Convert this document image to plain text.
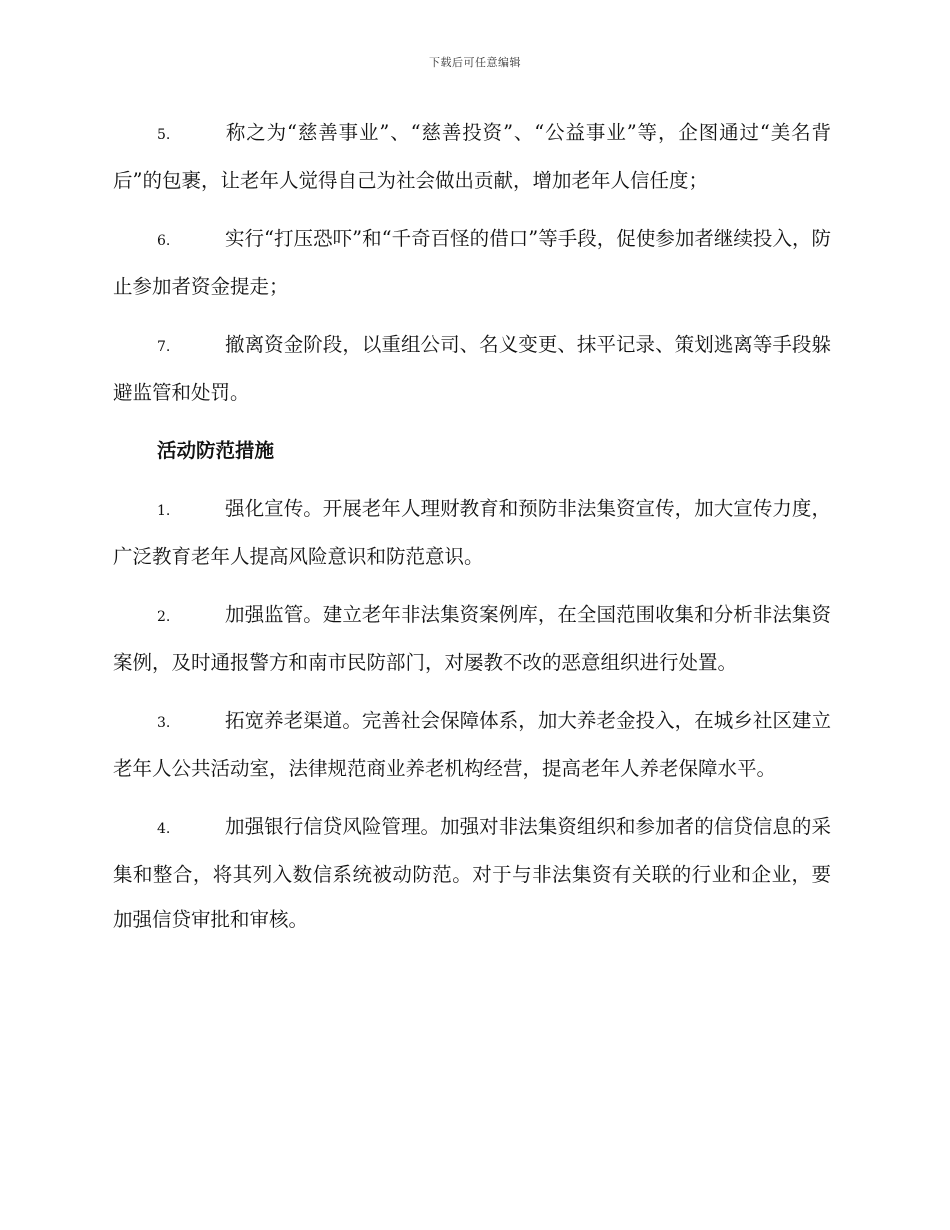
下载后可任意编辑

5.	称之为“慈善事业”、“慈善投资”、“公益事业”等，企图通过“美名背后”的包裹，让老年人觉得自己为社会做出贡献，增加老年人信任度；

6.	实行“打压恐吓”和“千奇百怪的借口”等手段，促使参加者继续投入，防止参加者资金提走；

7.	撤离资金阶段，以重组公司、名义变更、抹平记录、策划逃离等手段躲避监管和处罚。

活动防范措施

1.	强化宣传。开展老年人理财教育和预防非法集资宣传，加大宣传力度，广泛教育老年人提高风险意识和防范意识。

2.	加强监管。建立老年非法集资案例库，在全国范围收集和分析非法集资案例，及时通报警方和南市民防部门，对屡教不改的恶意组织进行处置。

3.	拓宽养老渠道。完善社会保障体系，加大养老金投入，在城乡社区建立老年人公共活动室，法律规范商业养老机构经营，提高老年人养老保障水平。

4.	加强银行信贷风险管理。加强对非法集资组织和参加者的信贷信息的采集和整合，将其列入数信系统被动防范。对于与非法集资有关联的行业和企业，要加强信贷审批和审核。
